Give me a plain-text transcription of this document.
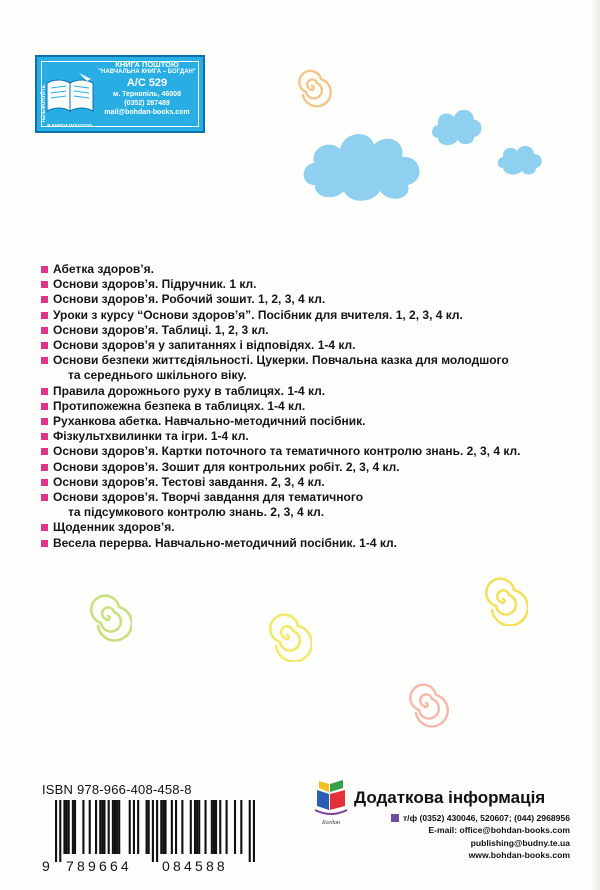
ТЕЛЕФОНУЙТЕ
Я КНИГИ ПОШТОЮ
КНИГА ПОШТОЮ
"НАВЧАЛЬНА КНИГА – БОГДАН"
А/С 529
м. Тернопіль, 46008
(0352) 287489
mail@bohdan-books.com
Абетка здоров’я.
Основи здоров’я. Підручник. 1 кл.
Основи здоров’я. Робочий зошит. 1, 2, 3, 4 кл.
Уроки з курсу “Основи здоров’я”. Посібник для вчителя. 1, 2, 3, 4 кл.
Основи здоров’я. Таблиці. 1, 2, 3 кл.
Основи здоров’я у запитаннях і відповідях. 1-4 кл.
Основи безпеки життєдіяльності. Цукерки. Повчальна казка для молодшого
та середнього шкільного віку.
Правила дорожнього руху в таблицях. 1-4 кл.
Протипожежна безпека в таблицях. 1-4 кл.
Руханкова абетка. Навчально-методичний посібник.
Фізкультхвилинки та ігри. 1-4 кл.
Основи здоров’я. Картки поточного та тематичного контролю знань. 2, 3, 4 кл.
Основи здоров’я. Зошит для контрольних робіт. 2, 3, 4 кл.
Основи здоров’я. Тестові завдання. 2, 3, 4 кл.
Основи здоров’я. Творчі завдання для тематичного
та підсумкового контролю знань. 2, 3, 4 кл.
Щоденник здоров’я.
Весела перерва. Навчально-методичний посібник. 1-4 кл.
ISBN 978-966-408-458-8
9 789664 084588
Богдан
Додаткова інформація
т/ф (0352) 430046, 520607; (044) 2968956
E-mail: office@bohdan-books.com
publishing@budny.te.ua
www.bohdan-books.com
